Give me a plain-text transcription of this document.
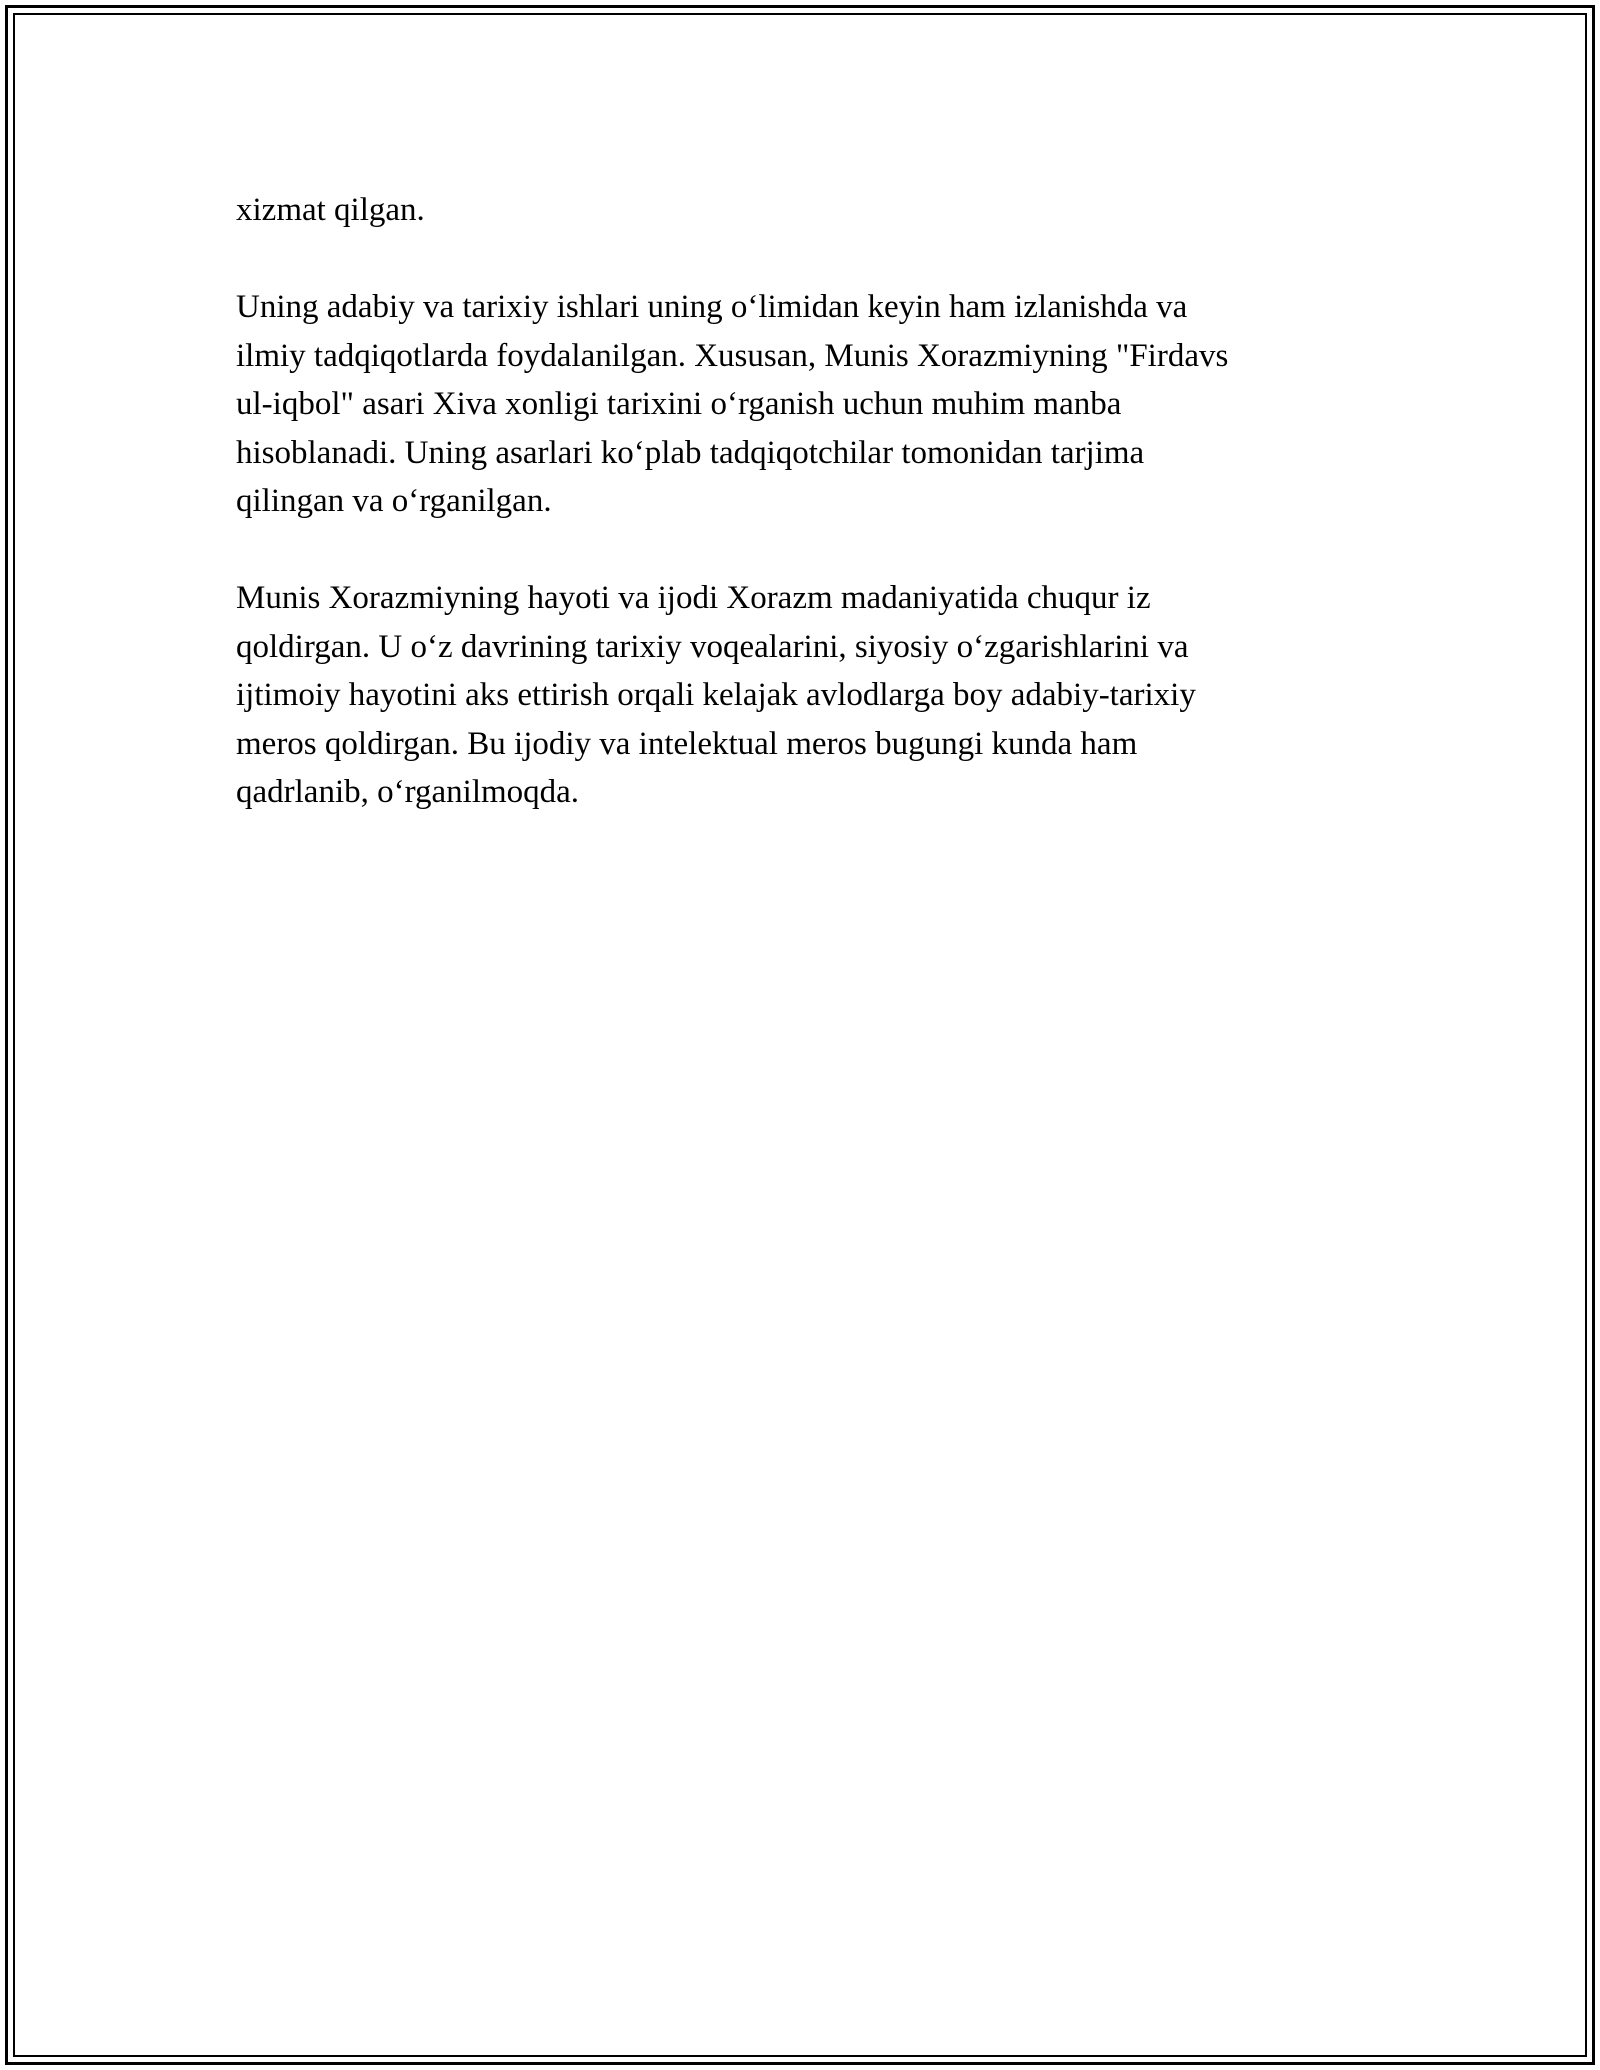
xizmat qilgan.

Uning adabiy va tarixiy ishlari uning o‘limidan keyin ham izlanishda va
ilmiy tadqiqotlarda foydalanilgan. Xususan, Munis Xorazmiyning "Firdavs
ul-iqbol" asari Xiva xonligi tarixini o‘rganish uchun muhim manba
hisoblanadi. Uning asarlari ko‘plab tadqiqotchilar tomonidan tarjima
qilingan va o‘rganilgan.

Munis Xorazmiyning hayoti va ijodi Xorazm madaniyatida chuqur iz
qoldirgan. U o‘z davrining tarixiy voqealarini, siyosiy o‘zgarishlarini va
ijtimoiy hayotini aks ettirish orqali kelajak avlodlarga boy adabiy-tarixiy
meros qoldirgan. Bu ijodiy va intelektual meros bugungi kunda ham
qadrlanib, o‘rganilmoqda.
